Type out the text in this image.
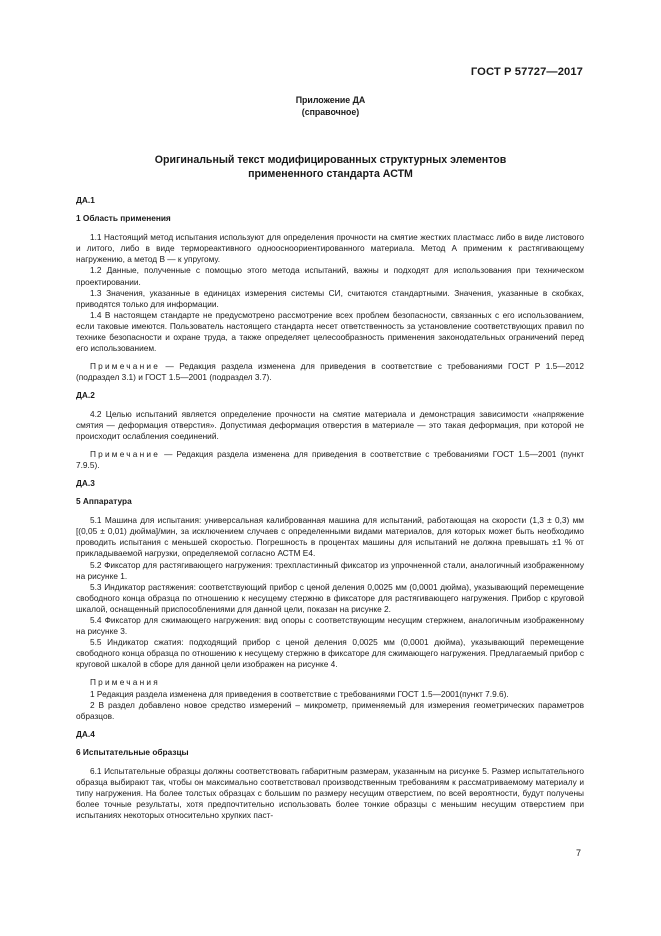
ГОСТ Р 57727—2017
Приложение ДА
(справочное)
Оригинальный текст модифицированных структурных элементов
примененного стандарта АСТМ

ДА.1

1 Область применения

1.1 Настоящий метод испытания используют для определения прочности на смятие жестких пластмасс либо в виде листового и литого, либо в виде термореактивного одноосноориентированного материала. Метод А применим к растягивающему нагружению, а метод В — к упругому.

1.2 Данные, полученные с помощью этого метода испытаний, важны и подходят для использования при техническом проектировании.

1.3 Значения, указанные в единицах измерения системы СИ, считаются стандартными. Значения, указанные в скобках, приводятся только для информации.

1.4 В настоящем стандарте не предусмотрено рассмотрение всех проблем безопасности, связанных с его использованием, если таковые имеются. Пользователь настоящего стандарта несет ответственность за установление соответствующих правил по технике безопасности и охране труда, а также определяет целесообразность применения законодательных ограничений перед его использованием.

Примечание — Редакция раздела изменена для приведения в соответствие с требованиями ГОСТ Р 1.5—2012 (подраздел 3.1) и ГОСТ 1.5—2001 (подраздел 3.7).

ДА.2

4.2 Целью испытаний является определение прочности на смятие материала и демонстрация зависимости «напряжение смятия — деформация отверстия». Допустимая деформация отверстия в материале — это такая деформация, при которой не происходит ослабления соединений.

Примечание — Редакция раздела изменена для приведения в соответствие с требованиями ГОСТ 1.5—2001 (пункт 7.9.5).

ДА.3

5 Аппаратура

5.1 Машина для испытания: универсальная калиброванная машина для испытаний, работающая на скорости (1,3 ± 0,3) мм [(0,05 ± 0,01) дюйма]/мин, за исключением случаев с определенными видами материалов, для которых может быть необходимо проводить испытания с меньшей скоростью. Погрешность в процентах машины для испытаний не должна превышать ±1 % от прикладываемой нагрузки, определяемой согласно АСТМ Е4.

5.2 Фиксатор для растягивающего нагружения: трехпластинный фиксатор из упрочненной стали, аналогичный изображенному на рисунке 1.

5.3 Индикатор растяжения: соответствующий прибор с ценой деления 0,0025 мм (0,0001 дюйма), указывающий перемещение свободного конца образца по отношению к несущему стержню в фиксаторе для растягивающего нагружения. Прибор с круговой шкалой, оснащенный приспособлениями для данной цели, показан на рисунке 2.

5.4 Фиксатор для сжимающего нагружения: вид опоры с соответствующим несущим стержнем, аналогичным изображенному на рисунке 3.

5.5 Индикатор сжатия: подходящий прибор с ценой деления 0,0025 мм (0,0001 дюйма), указывающий перемещение свободного конца образца по отношению к несущему стержню в фиксаторе для сжимающего нагружения. Предлагаемый прибор с круговой шкалой в сборе для данной цели изображен на рисунке 4.

Примечания

1 Редакция раздела изменена для приведения в соответствие с требованиями ГОСТ 1.5—2001(пункт 7.9.6).

2 В раздел добавлено новое средство измерений – микрометр, применяемый для измерения геометрических параметров образцов.

ДА.4

6 Испытательные образцы

6.1 Испытательные образцы должны соответствовать габаритным размерам, указанным на рисунке 5. Размер испытательного образца выбирают так, чтобы он максимально соответствовал производственным требованиям к рассматриваемому материалу и типу нагружения. На более толстых образцах с большим по размеру несущим отверстием, по всей вероятности, будут получены более точные результаты, хотя предпочтительно использовать более тонкие образцы с меньшим несущим отверстием при испытаниях некоторых относительно хрупких паст-

7
